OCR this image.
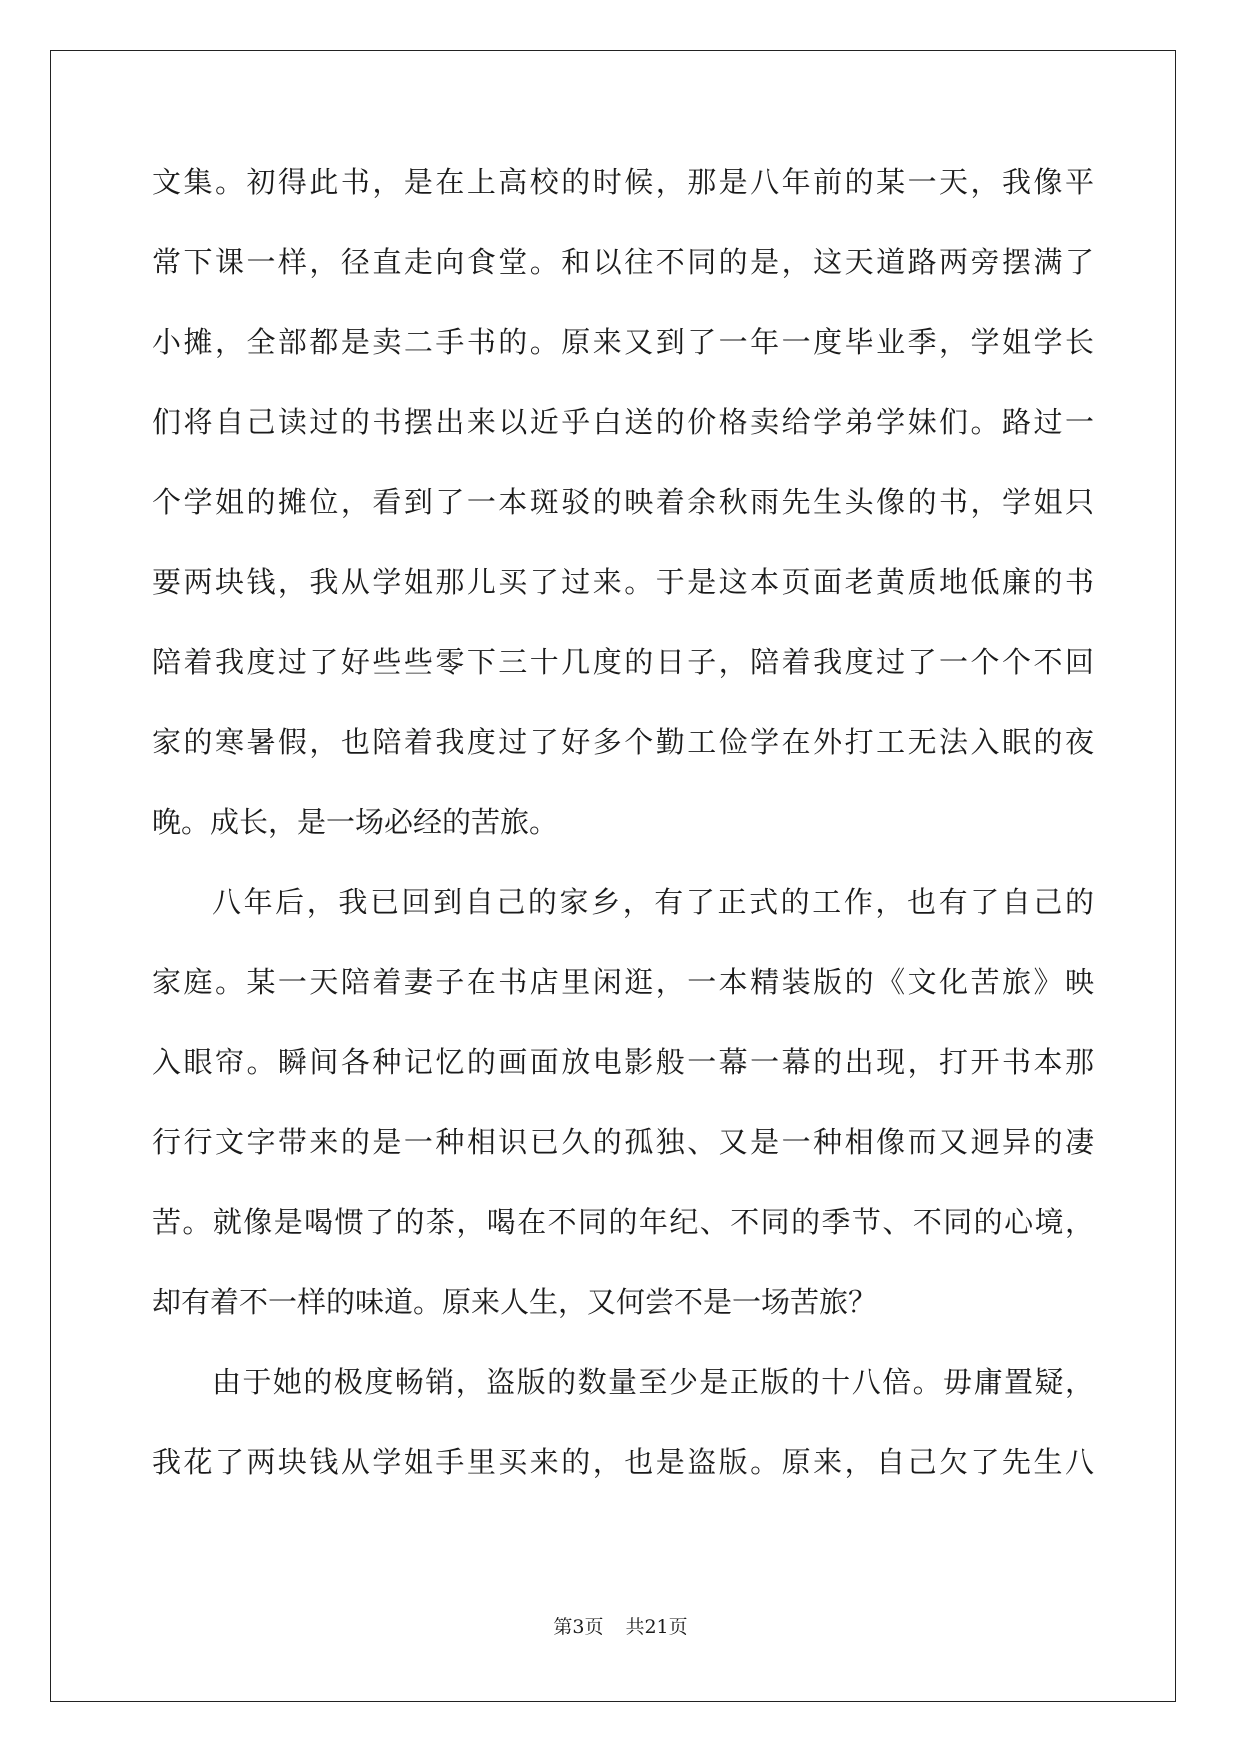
文集。初得此书，是在上高校的时候，那是八年前的某一天，我像平
常下课一样，径直走向食堂。和以往不同的是，这天道路两旁摆满了
小摊，全部都是卖二手书的。原来又到了一年一度毕业季，学姐学长
们将自己读过的书摆出来以近乎白送的价格卖给学弟学妹们。路过一
个学姐的摊位，看到了一本斑驳的映着余秋雨先生头像的书，学姐只
要两块钱，我从学姐那儿买了过来。于是这本页面老黄质地低廉的书
陪着我度过了好些些零下三十几度的日子，陪着我度过了一个个不回
家的寒暑假，也陪着我度过了好多个勤工俭学在外打工无法入眠的夜
晚。成长，是一场必经的苦旅。
八年后，我已回到自己的家乡，有了正式的工作，也有了自己的
家庭。某一天陪着妻子在书店里闲逛，一本精装版的《文化苦旅》映
入眼帘。瞬间各种记忆的画面放电影般一幕一幕的出现，打开书本那
行行文字带来的是一种相识已久的孤独、又是一种相像而又迥异的凄
苦。就像是喝惯了的茶，喝在不同的年纪、不同的季节、不同的心境，
却有着不一样的味道。原来人生，又何尝不是一场苦旅？
由于她的极度畅销，盗版的数量至少是正版的十八倍。毋庸置疑，
我花了两块钱从学姐手里买来的，也是盗版。原来，自己欠了先生八
第3页 共21页
